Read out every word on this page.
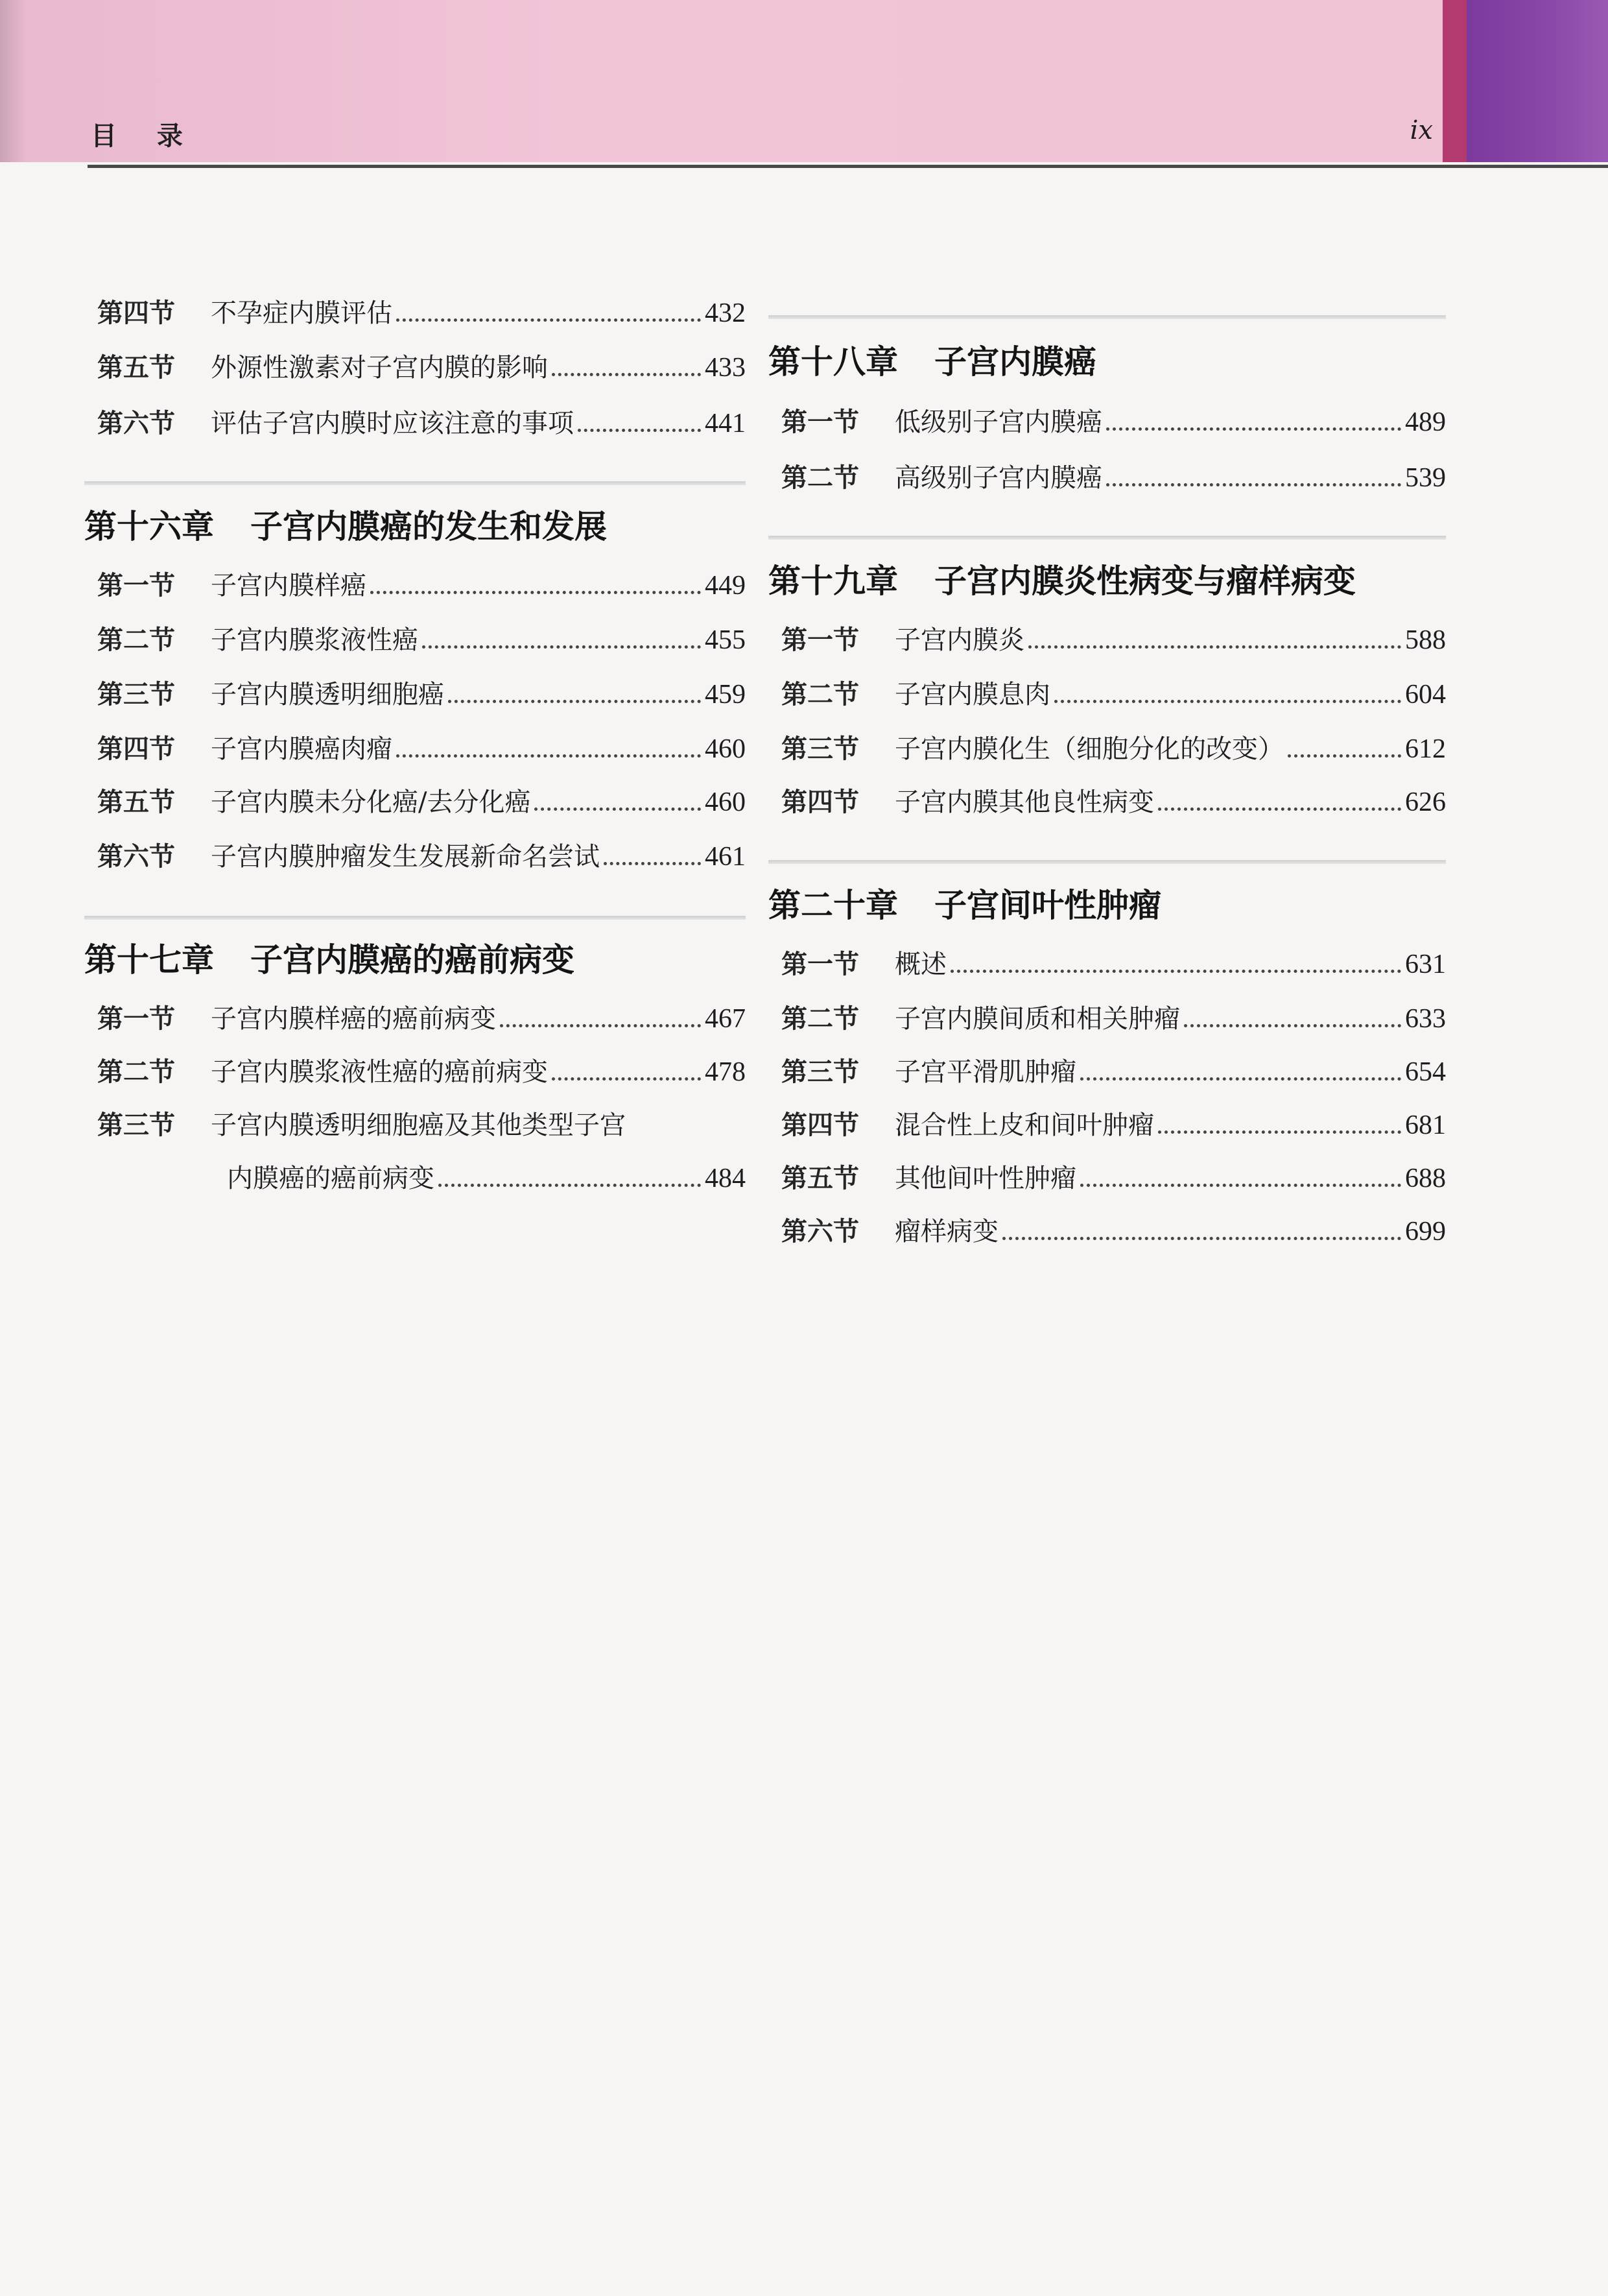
目 录	ix
第四节	不孕症内膜评估	432
第五节	外源性激素对子宫内膜的影响	433
第六节	评估子宫内膜时应该注意的事项	441
第十六章 子宫内膜癌的发生和发展
第一节	子宫内膜样癌	449
第二节	子宫内膜浆液性癌	455
第三节	子宫内膜透明细胞癌	459
第四节	子宫内膜癌肉瘤	460
第五节	子宫内膜未分化癌/去分化癌	460
第六节	子宫内膜肿瘤发生发展新命名尝试	461
第十七章 子宫内膜癌的癌前病变
第一节	子宫内膜样癌的癌前病变	467
第二节	子宫内膜浆液性癌的癌前病变	478
第三节	子宫内膜透明细胞癌及其他类型子宫
内膜癌的癌前病变	484
第十八章 子宫内膜癌
第一节	低级别子宫内膜癌	489
第二节	高级别子宫内膜癌	539
第十九章 子宫内膜炎性病变与瘤样病变
第一节	子宫内膜炎	588
第二节	子宫内膜息肉	604
第三节	子宫内膜化生（细胞分化的改变）	612
第四节	子宫内膜其他良性病变	626
第二十章 子宫间叶性肿瘤
第一节	概述	631
第二节	子宫内膜间质和相关肿瘤	633
第三节	子宫平滑肌肿瘤	654
第四节	混合性上皮和间叶肿瘤	681
第五节	其他间叶性肿瘤	688
第六节	瘤样病变	699
